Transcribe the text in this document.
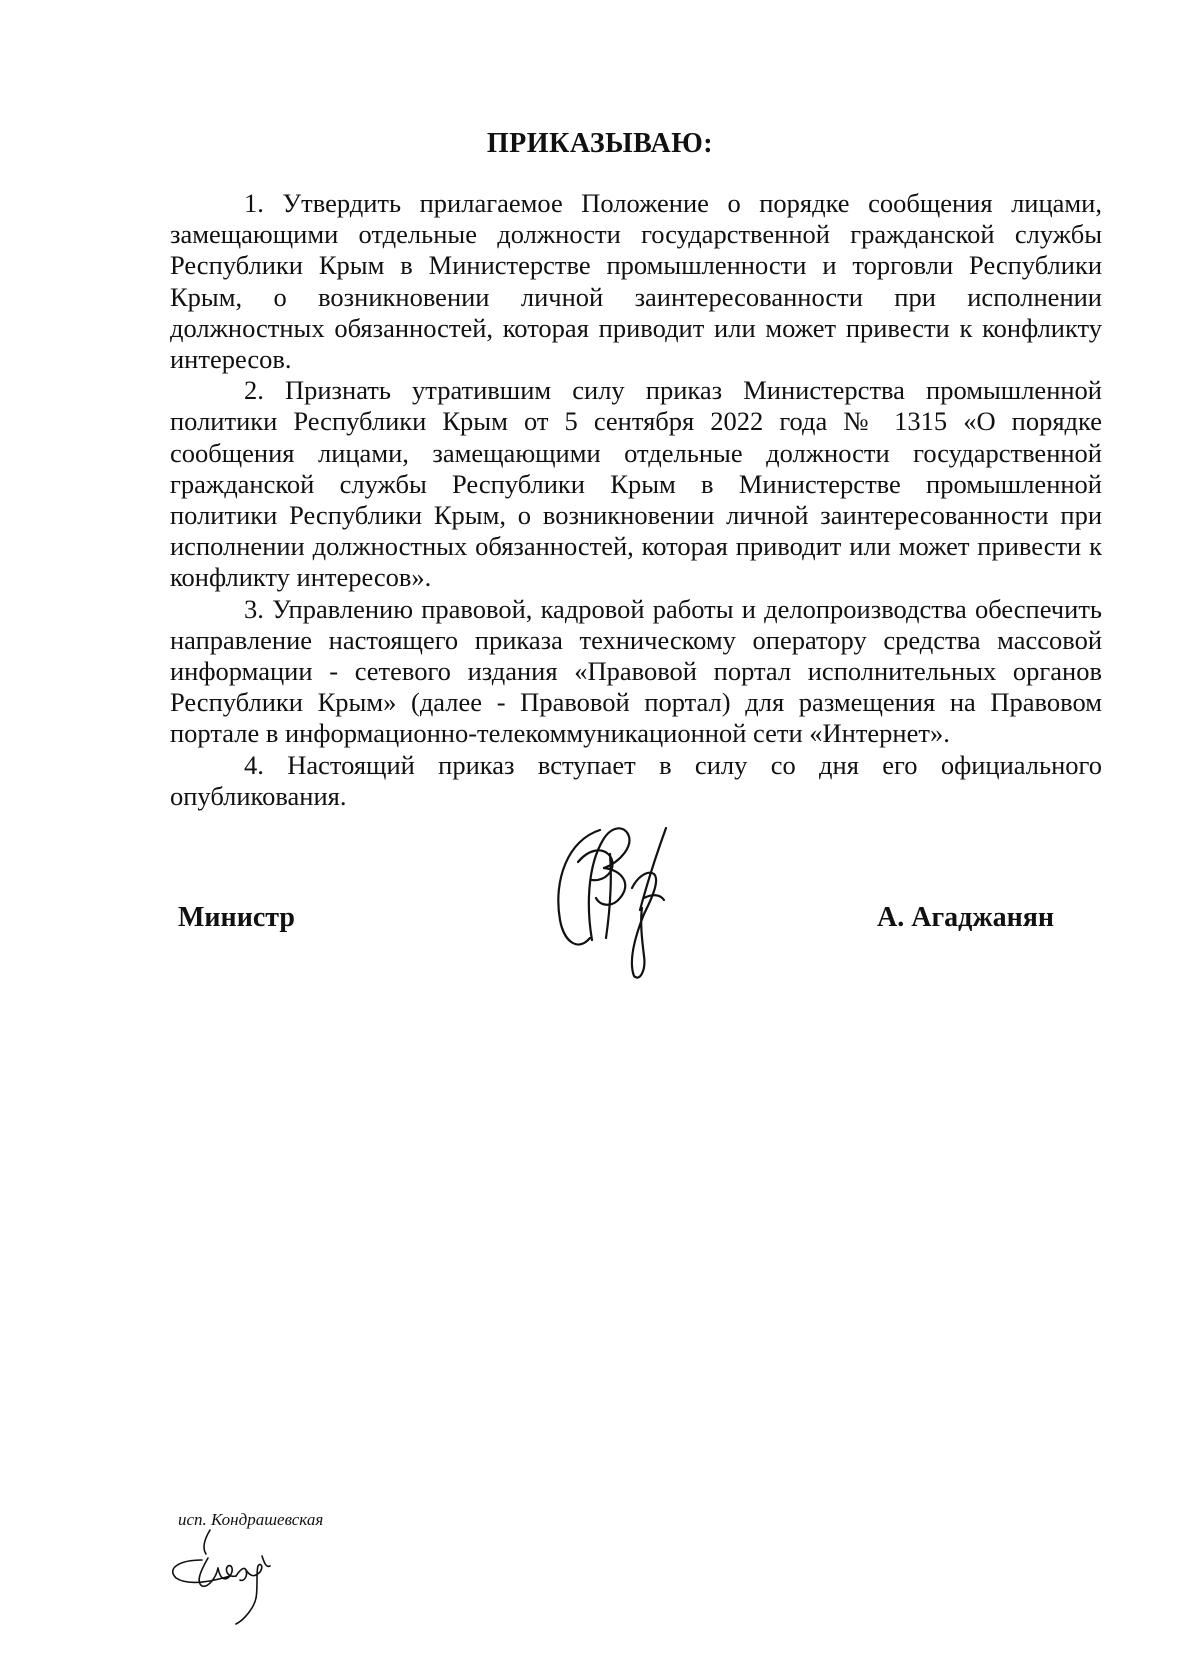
ПРИКАЗЫВАЮ:

1. Утвердить прилагаемое Положение о порядке сообщения лицами, замещающими отдельные должности государственной гражданской службы Республики Крым в Министерстве промышленности и торговли Республики Крым, о возникновении личной заинтересованности при исполнении должностных обязанностей, которая приводит или может привести к конфликту интересов.

2. Признать утратившим силу приказ Министерства промышленной политики Республики Крым от 5 сентября 2022 года № 1315 «О порядке сообщения лицами, замещающими отдельные должности государственной гражданской службы Республики Крым в Министерстве промышленной политики Республики Крым, о возникновении личной заинтересованности при исполнении должностных обязанностей, которая приводит или может привести к конфликту интересов».

3. Управлению правовой, кадровой работы и делопроизводства обеспечить направление настоящего приказа техническому оператору средства массовой информации - сетевого издания «Правовой портал исполнительных органов Республики Крым» (далее - Правовой портал) для размещения на Правовом портале в информационно-телекоммуникационной сети «Интернет».

4. Настоящий приказ вступает в силу со дня его официального опубликования.

Министр	А. Агаджанян
исп. Кондрашевская
